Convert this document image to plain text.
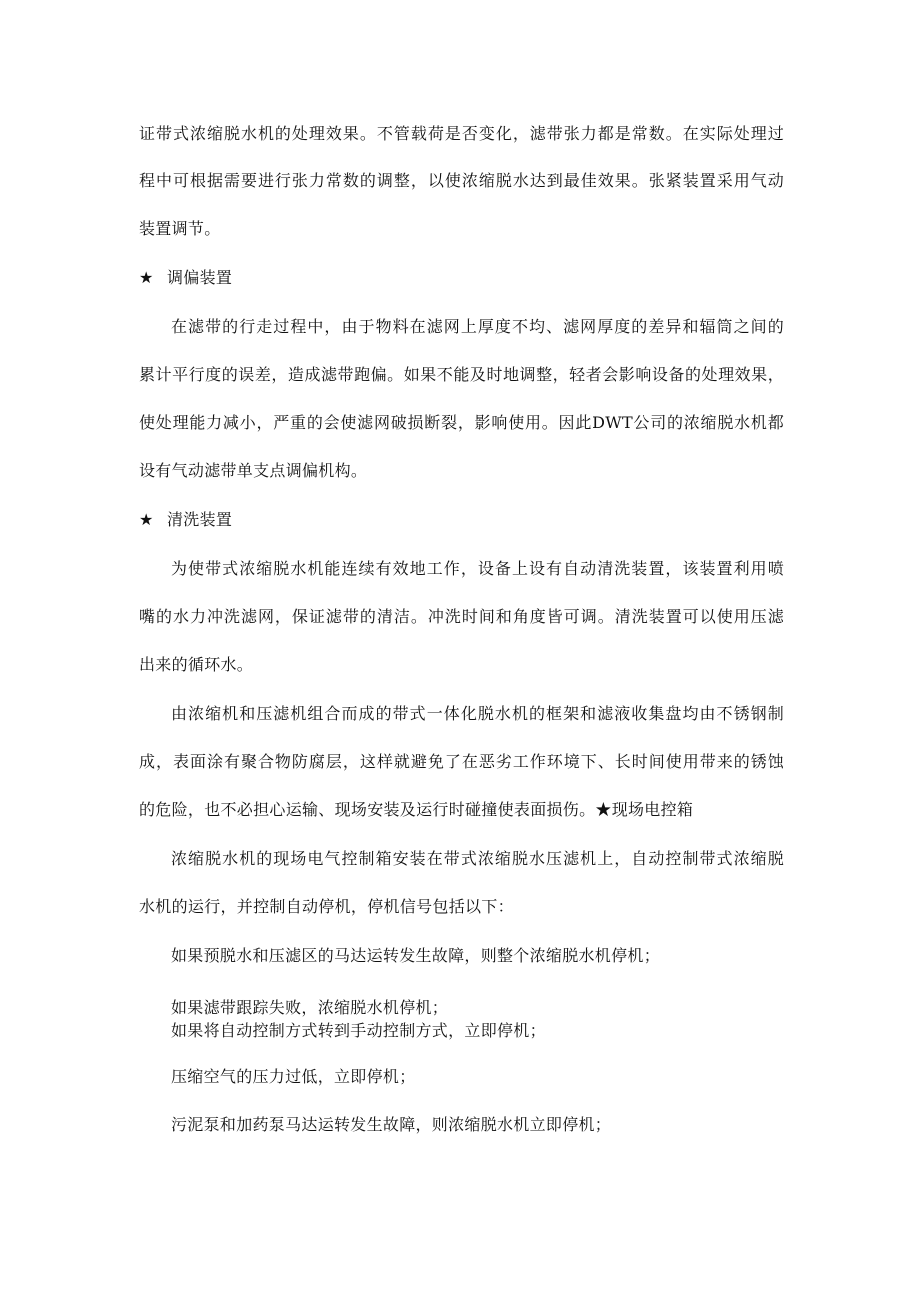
证带式浓缩脱水机的处理效果。不管载荷是否变化，滤带张力都是常数。在实际处理过
程中可根据需要进行张力常数的调整，以使浓缩脱水达到最佳效果。张紧装置采用气动
装置调节。
★ 调偏装置
在滤带的行走过程中，由于物料在滤网上厚度不均、滤网厚度的差异和辐筒之间的
累计平行度的误差，造成滤带跑偏。如果不能及时地调整，轻者会影响设备的处理效果，
使处理能力减小，严重的会使滤网破损断裂，影响使用。因此DWT公司的浓缩脱水机都
设有气动滤带单支点调偏机构。
★ 清洗装置
为使带式浓缩脱水机能连续有效地工作，设备上设有自动清洗装置，该装置利用喷
嘴的水力冲洗滤网，保证滤带的清洁。冲洗时间和角度皆可调。清洗装置可以使用压滤
出来的循环水。
由浓缩机和压滤机组合而成的带式一体化脱水机的框架和滤液收集盘均由不锈钢制
成，表面涂有聚合物防腐层，这样就避免了在恶劣工作环境下、长时间使用带来的锈蚀
的危险，也不必担心运输、现场安装及运行时碰撞使表面损伤。★现场电控箱
浓缩脱水机的现场电气控制箱安装在带式浓缩脱水压滤机上，自动控制带式浓缩脱
水机的运行，并控制自动停机，停机信号包括以下：
如果预脱水和压滤区的马达运转发生故障，则整个浓缩脱水机停机；
如果滤带跟踪失败，浓缩脱水机停机；
如果将自动控制方式转到手动控制方式，立即停机；
压缩空气的压力过低，立即停机；
污泥泵和加药泵马达运转发生故障，则浓缩脱水机立即停机；
